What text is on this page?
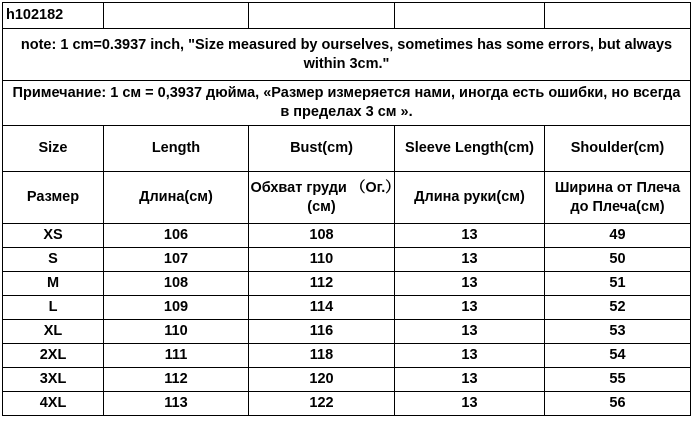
h102182				

note: 1 cm=0.3937 inch, "Size measured by ourselves, sometimes has some errors, but always within 3cm."				

Примечание: 1 см = 0,3937 дюйма, «Размер измеряется нами, иногда есть ошибки, но всегда в пределах 3 см ».				

Size	Length	Bust(cm)	Sleeve Length(cm)	Shoulder(cm)
Размер	Длина(см)	Обхват груди （Ог.）(см)	Длина руки(см)	Ширина от Плеча до Плеча(см)
XS	106	108	13	49
S	107	110	13	50
M	108	112	13	51
L	109	114	13	52
XL	110	116	13	53
2XL	111	118	13	54
3XL	112	120	13	55
4XL	113	122	13	56
